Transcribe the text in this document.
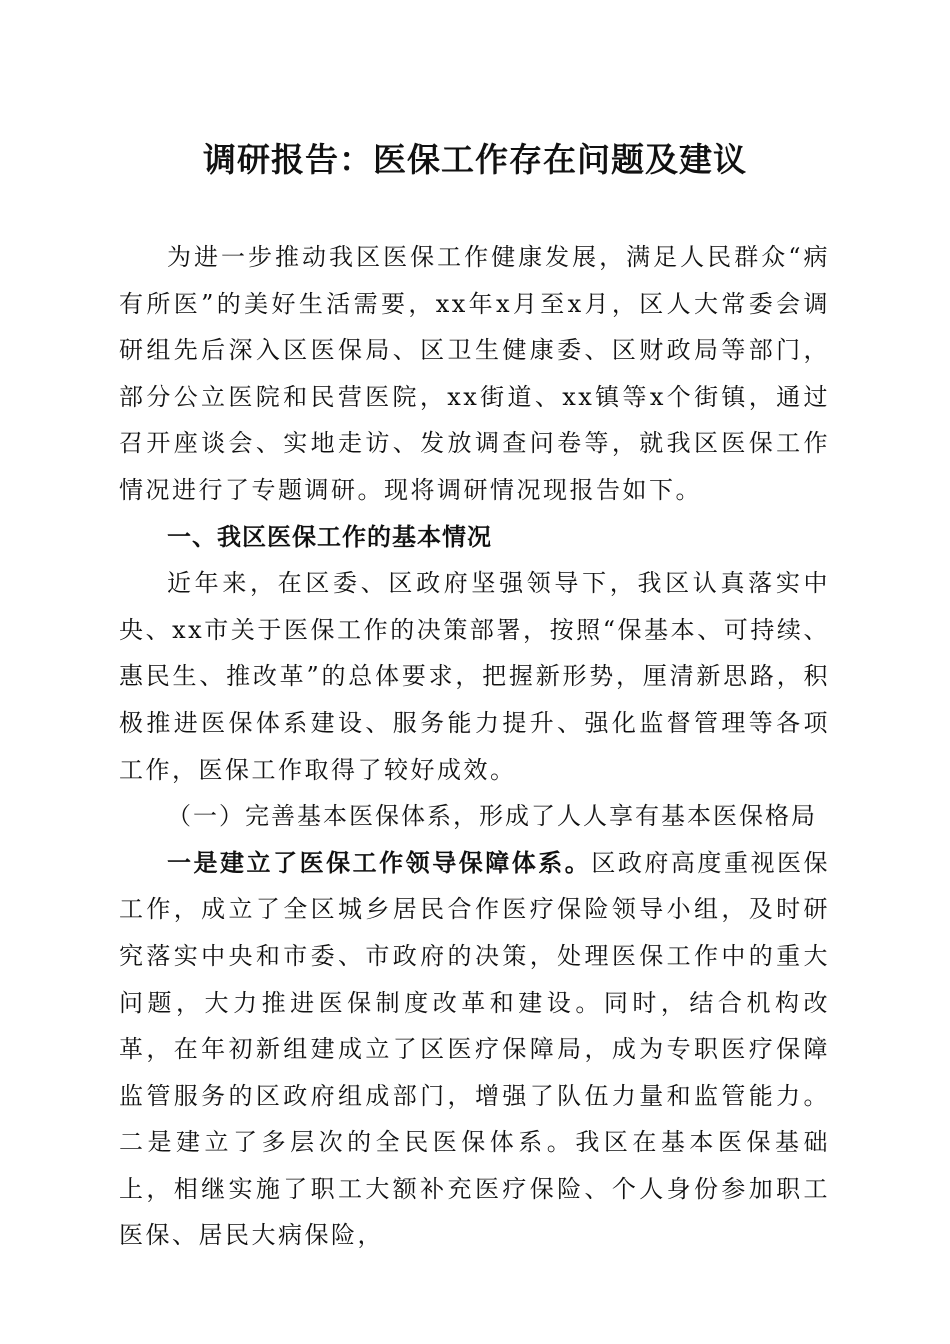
调研报告：医保工作存在问题及建议

为进一步推动我区医保工作健康发展，满足人民群众“病有所医”的美好生活需要，xx年x月至x月，区人大常委会调研组先后深入区医保局、区卫生健康委、区财政局等部门，部分公立医院和民营医院，xx街道、xx镇等x个街镇，通过召开座谈会、实地走访、发放调查问卷等，就我区医保工作情况进行了专题调研。现将调研情况现报告如下。

一、我区医保工作的基本情况

近年来，在区委、区政府坚强领导下，我区认真落实中央、xx市关于医保工作的决策部署，按照“保基本、可持续、惠民生、推改革”的总体要求，把握新形势，厘清新思路，积极推进医保体系建设、服务能力提升、强化监督管理等各项工作，医保工作取得了较好成效。

（一）完善基本医保体系，形成了人人享有基本医保格局

一是建立了医保工作领导保障体系。区政府高度重视医保工作，成立了全区城乡居民合作医疗保险领导小组，及时研究落实中央和市委、市政府的决策，处理医保工作中的重大问题，大力推进医保制度改革和建设。同时，结合机构改革，在年初新组建成立了区医疗保障局，成为专职医疗保障监管服务的区政府组成部门，增强了队伍力量和监管能力。二是建立了多层次的全民医保体系。我区在基本医保基础上，相继实施了职工大额补充医疗保险、个人身份参加职工医保、居民大病保险，
